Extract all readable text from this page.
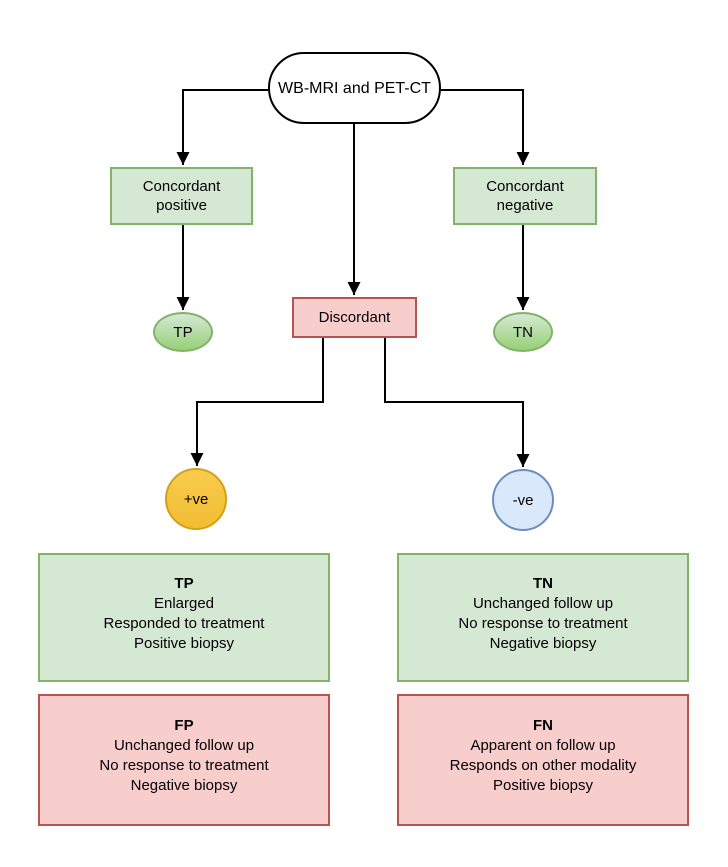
WB-MRI and PET-CT
Concordant positive
Concordant negative
Discordant
TP	TN
+ve	-ve
TP
Enlarged
Responded to treatment
Positive biopsy
TN
Unchanged follow up
No response to treatment
Negative biopsy
FP
Unchanged follow up
No response to treatment
Negative biopsy
FN
Apparent on follow up
Responds on other modality
Positive biopsy
